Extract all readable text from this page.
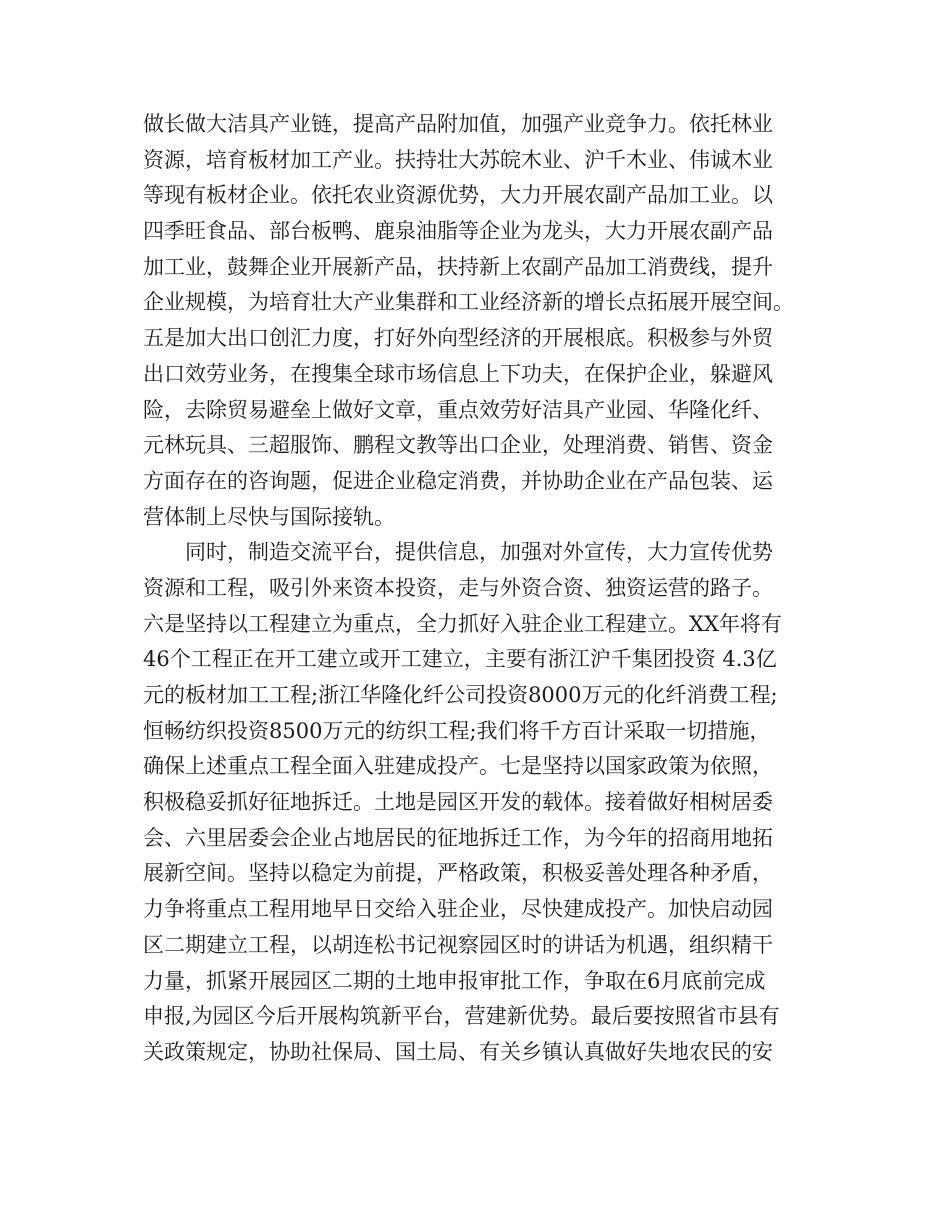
做长做大洁具产业链，提高产品附加值，加强产业竞争力。依托林业
资源，培育板材加工产业。扶持壮大苏皖木业、沪千木业、伟诚木业
等现有板材企业。依托农业资源优势，大力开展农副产品加工业。以
四季旺食品、部台板鸭、鹿泉油脂等企业为龙头，大力开展农副产品
加工业，鼓舞企业开展新产品，扶持新上农副产品加工消费线，提升
企业规模，为培育壮大产业集群和工业经济新的增长点拓展开展空间。
五是加大出口创汇力度，打好外向型经济的开展根底。积极参与外贸
出口效劳业务，在搜集全球市场信息上下功夫，在保护企业，躲避风
险，去除贸易避垒上做好文章，重点效劳好洁具产业园、华隆化纤、
元林玩具、三超服饰、鹏程文教等出口企业，处理消费、销售、资金
方面存在的咨询题，促进企业稳定消费，并协助企业在产品包装、运
营体制上尽快与国际接轨。
同时，制造交流平台，提供信息，加强对外宣传，大力宣传优势
资源和工程，吸引外来资本投资，走与外资合资、独资运营的路子。
六是坚持以工程建立为重点，全力抓好入驻企业工程建立。XX年将有
46个工程正在开工建立或开工建立，主要有浙江沪千集团投资 4.3亿
元的板材加工工程;浙江华隆化纤公司投资8000万元的化纤消费工程;
恒畅纺织投资8500万元的纺织工程;我们将千方百计采取一切措施，
确保上述重点工程全面入驻建成投产。七是坚持以国家政策为依照，
积极稳妥抓好征地拆迁。土地是园区开发的载体。接着做好相树居委
会、六里居委会企业占地居民的征地拆迁工作，为今年的招商用地拓
展新空间。坚持以稳定为前提，严格政策，积极妥善处理各种矛盾，
力争将重点工程用地早日交给入驻企业，尽快建成投产。加快启动园
区二期建立工程，以胡连松书记视察园区时的讲话为机遇，组织精干
力量，抓紧开展园区二期的土地申报审批工作，争取在6月底前完成
申报,为园区今后开展构筑新平台，营建新优势。最后要按照省市县有
关政策规定，协助社保局、国土局、有关乡镇认真做好失地农民的安
